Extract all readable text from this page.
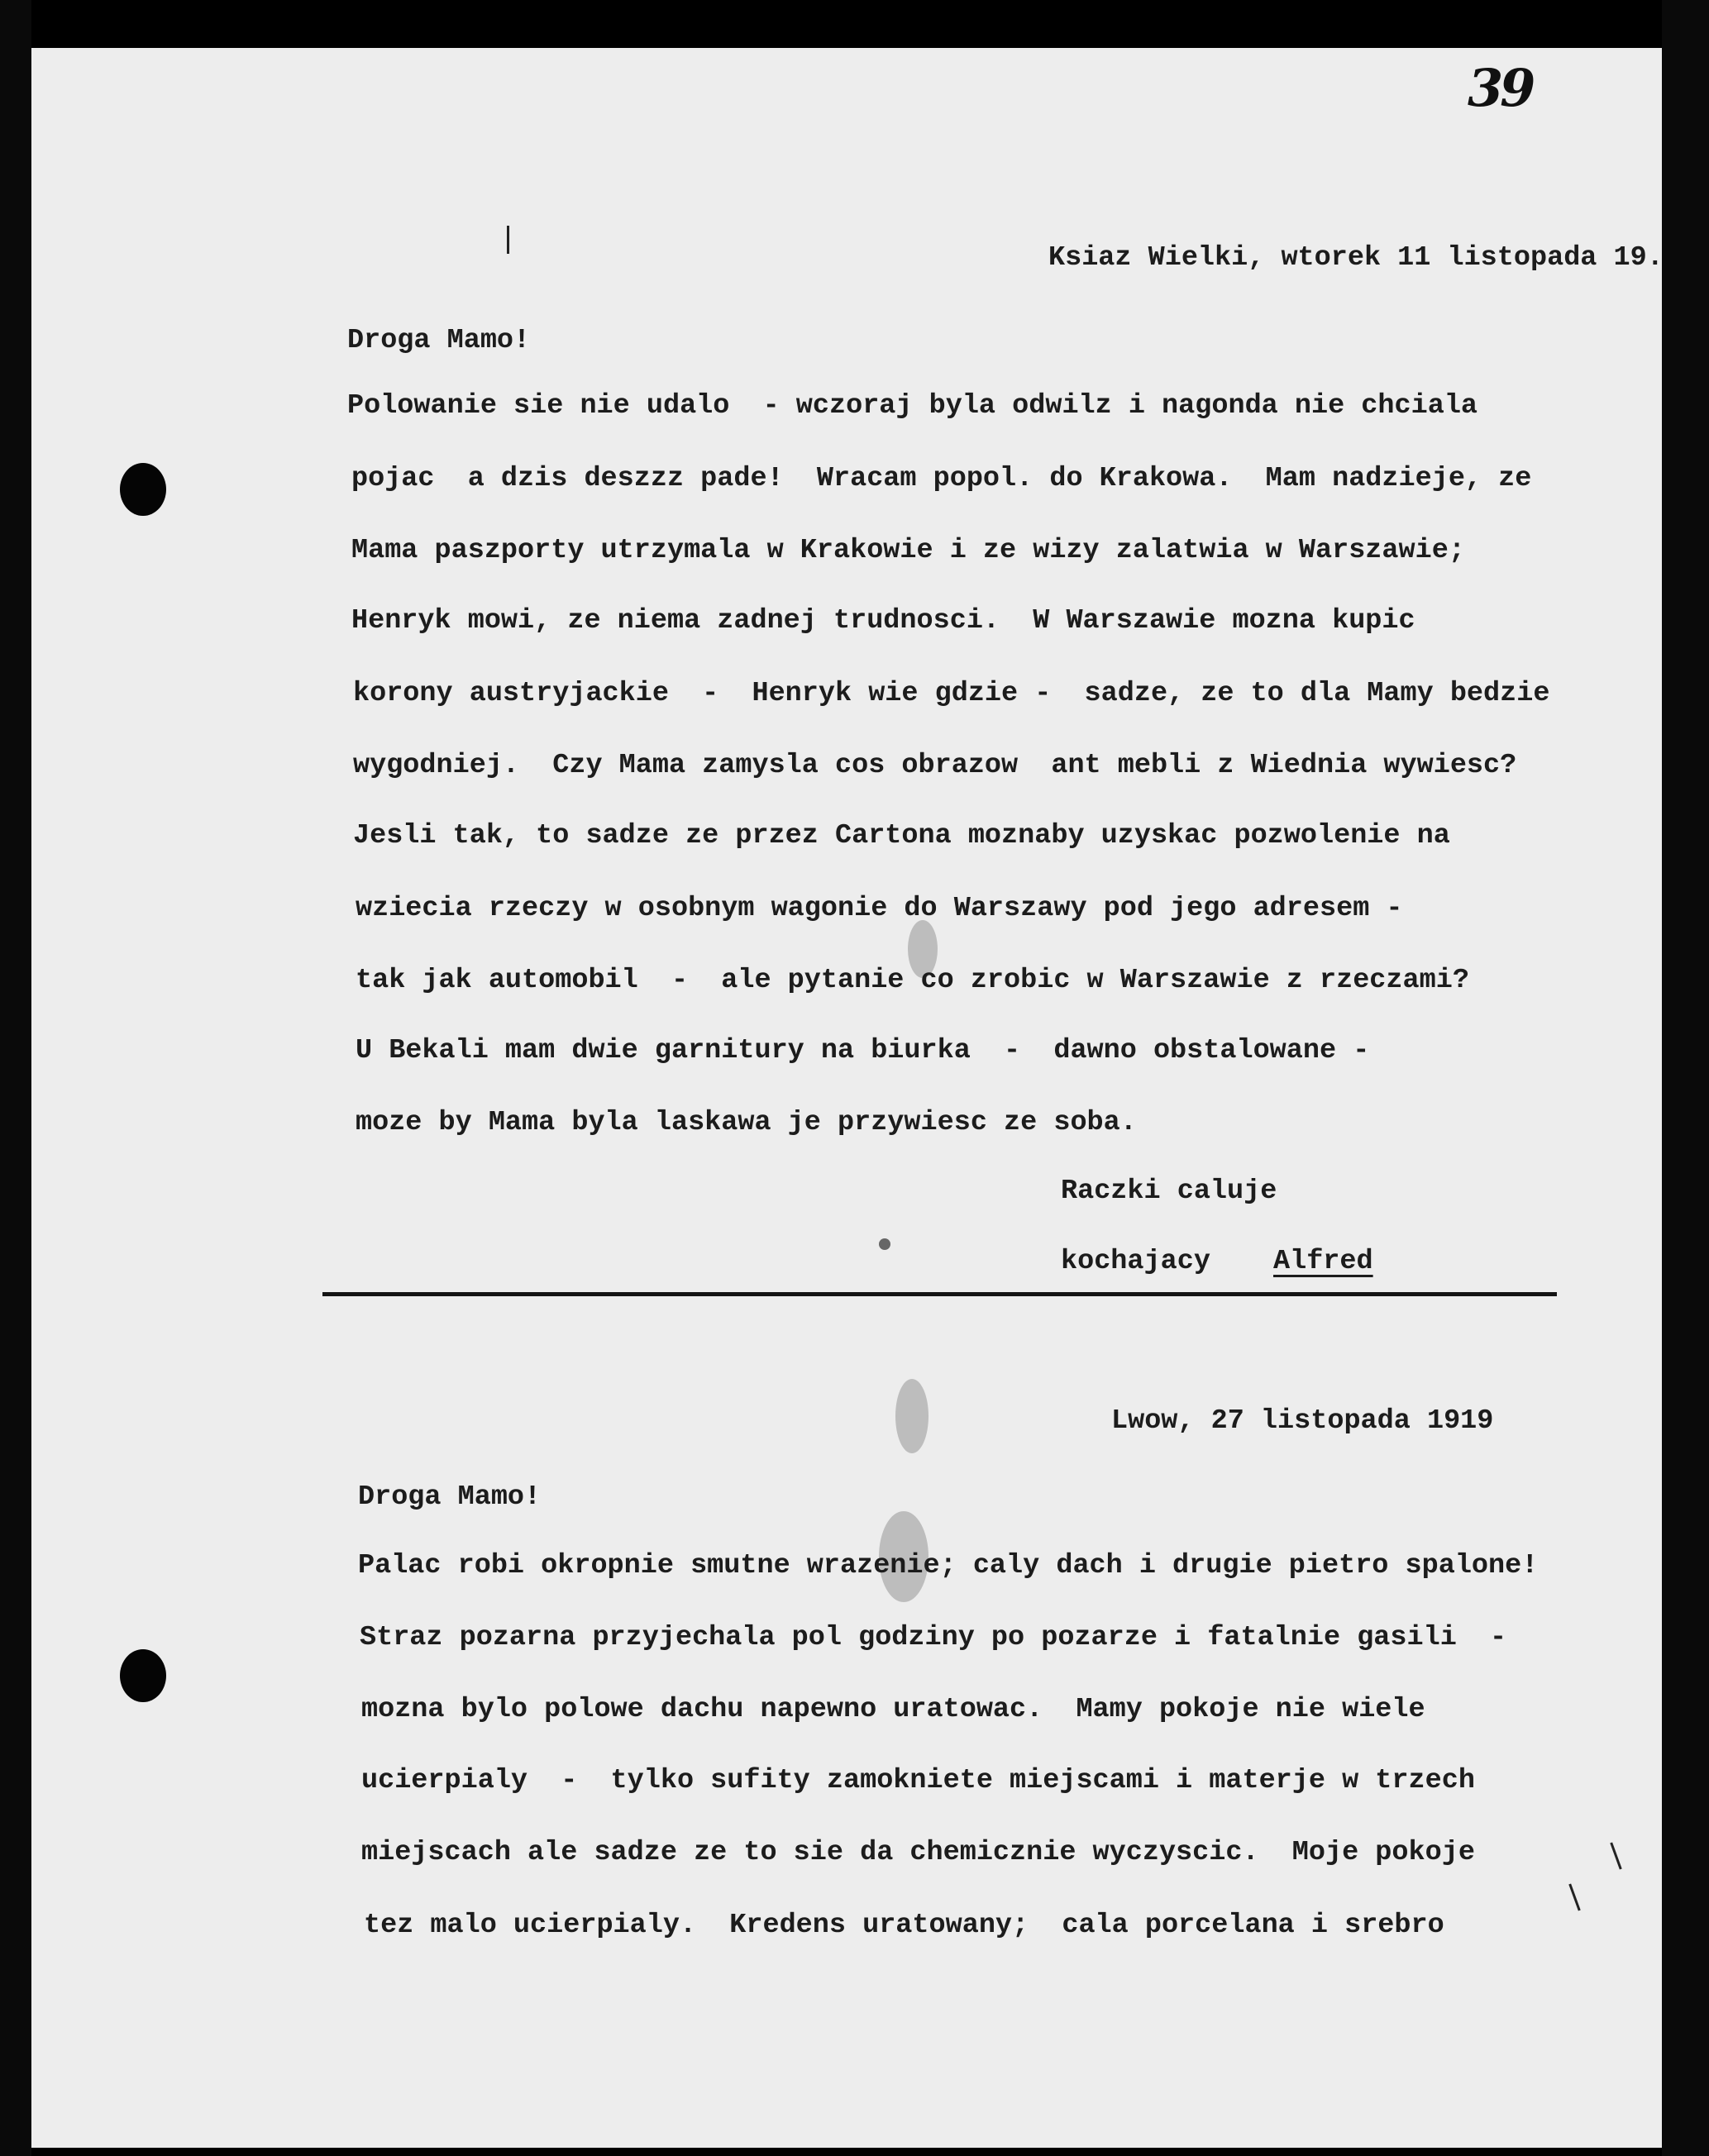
39
Ksiaz Wielki, wtorek 11 listopada 19.
Droga Mamo!
Polowanie sie nie udalo  - wczoraj byla odwilz i nagonda nie chciala
pojac  a dzis deszzz pade!  Wracam popol. do Krakowa.  Mam nadzieje, ze
Mama paszporty utrzymala w Krakowie i ze wizy zalatwia w Warszawie;
Henryk mowi, ze niema zadnej trudnosci.  W Warszawie mozna kupic
korony austryjackie  -  Henryk wie gdzie -  sadze, ze to dla Mamy bedzie
wygodniej.  Czy Mama zamysla cos obrazow  ant mebli z Wiednia wywiesc?
Jesli tak, to sadze ze przez Cartona moznaby uzyskac pozwolenie na
wziecia rzeczy w osobnym wagonie do Warszawy pod jego adresem -
tak jak automobil  -  ale pytanie co zrobic w Warszawie z rzeczami?
U Bekali mam dwie garnitury na biurka  -  dawno obstalowane -
moze by Mama byla laskawa je przywiesc ze soba.
Raczki caluje
kochajacy Alfred
Lwow, 27 listopada 1919
Droga Mamo!
Palac robi okropnie smutne wrazenie; caly dach i drugie pietro spalone!
Straz pozarna przyjechala pol godziny po pozarze i fatalnie gasili  -
mozna bylo polowe dachu napewno uratowac.  Mamy pokoje nie wiele
ucierpialy  -  tylko sufity zamokniete miejscami i materje w trzech
miejscach ale sadze ze to sie da chemicznie wyczyscic.  Moje pokoje
tez malo ucierpialy.  Kredens uratowany;  cala porcelana i srebro
